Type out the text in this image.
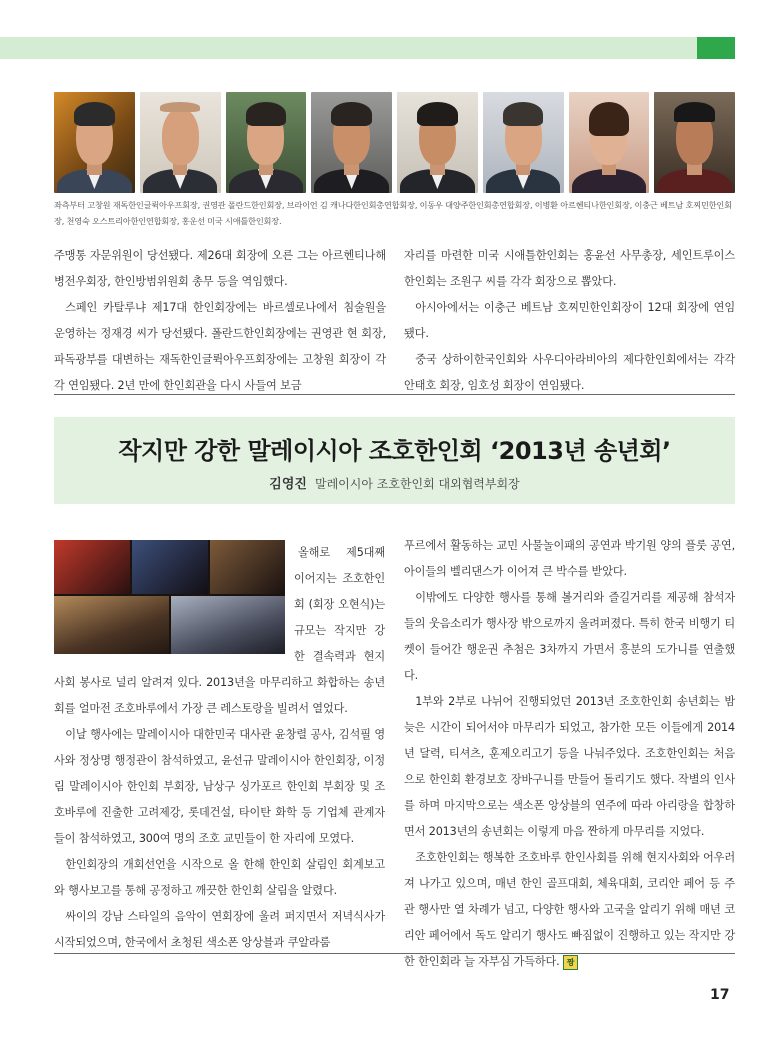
좌측부터 고창원 재독한인글뤽아우프회장, 권영관 폴란드한인회장, 브라이언 김 캐나다한인회총연합회장, 이동우 대양주한인회총연합회장, 이병환 아르헨티나한인회장, 이충근 베트남 호찌민한인회장, 천영숙 오스트리아한인연합회장, 홍운선 미국 시애틀한인회장.

주맹통 자문위원이 당선됐다. 제26대 회장에 오른 그는 아르헨티나해병전우회장, 한인방범위원회 총무 등을 역임했다.

스페인 카탈루냐 제17대 한인회장에는 바르셀로나에서 침술원을 운영하는 정재경 씨가 당선됐다. 폴란드한인회장에는 권영관 현 회장, 파독광부를 대변하는 재독한인글뤽아우프회장에는 고창원 회장이 각각 연임됐다. 2년 만에 한인회관을 다시 사들여 보금

자리를 마련한 미국 시애틀한인회는 홍윤선 사무총장, 세인트루이스한인회는 조원구 씨를 각각 회장으로 뽑았다.

아시아에서는 이충근 베트남 호찌민한인회장이 12대 회장에 연임됐다.

중국 상하이한국인회와 사우디아라비아의 제다한인회에서는 각각 안태호 회장, 임호성 회장이 연임됐다.

작지만 강한 말레이시아 조호한인회 ‘2013년 송년회’
김영진 말레이시아 조호한인회 대외협력부회장

올해로 제5대째 이어지는 조호한인회 (회장 오현식)는 규모는 작지만 강한 결속력과 현지사회 봉사로 널리 알려져 있다. 2013년을 마무리하고 화합하는 송년회를 얼마전 조호바루에서 가장 큰 레스토랑을 빌려서 열었다.

이날 행사에는 말레이시아 대한민국 대사관 윤창렬 공사, 김석필 영사와 정상명 행정관이 참석하였고, 윤선규 말레이시아 한인회장, 이정림 말레이시아 한인회 부회장, 남상구 싱가포르 한인회 부회장 및 조호바루에 진출한 고려제강, 롯데건설, 타이탄 화학 등 기업체 관계자들이 참석하였고, 300여 명의 조호 교민들이 한 자리에 모였다.

한인회장의 개회선언을 시작으로 올 한해 한인회 살림인 회계보고와 행사보고를 통해 공정하고 깨끗한 한인회 살림을 알렸다.

싸이의 강남 스타일의 음악이 연회장에 울려 퍼지면서 저녁식사가 시작되었으며, 한국에서 초청된 색소폰 앙상블과 쿠알라룸

푸르에서 활동하는 교민 사물놀이패의 공연과 박기원 양의 플룻 공연, 아이들의 벨리댄스가 이어져 큰 박수를 받았다.

이밖에도 다양한 행사를 통해 볼거리와 즐길거리를 제공해 참석자들의 웃음소리가 행사장 밖으로까지 울려퍼졌다. 특히 한국 비행기 티켓이 들어간 행운권 추첨은 3차까지 가면서 흥분의 도가니를 연출했다.

1부와 2부로 나뉘어 진행되었던 2013년 조호한인회 송년회는 밤 늦은 시간이 되어서야 마무리가 되었고, 참가한 모든 이들에게 2014년 달력, 티셔츠, 훈제오리고기 등을 나눠주었다. 조호한인회는 처음으로 한인회 환경보호 장바구니를 만들어 돌리기도 했다. 작별의 인사를 하며 마지막으로는 색소폰 앙상블의 연주에 따라 아리랑을 합창하면서 2013년의 송년회는 이렇게 마음 짠하게 마무리를 지었다.

조호한인회는 행복한 조호바루 한인사회를 위해 현지사회와 어우러져 나가고 있으며, 매년 한인 골프대회, 체육대회, 코리안 페어 등 주관 행사만 열 차례가 넘고, 다양한 행사와 고국을 알리기 위해 매년 코리안 페어에서 독도 알리기 행사도 빠짐없이 진행하고 있는 작지만 강한 한인회라 늘 자부심 가득하다. 짱

17
